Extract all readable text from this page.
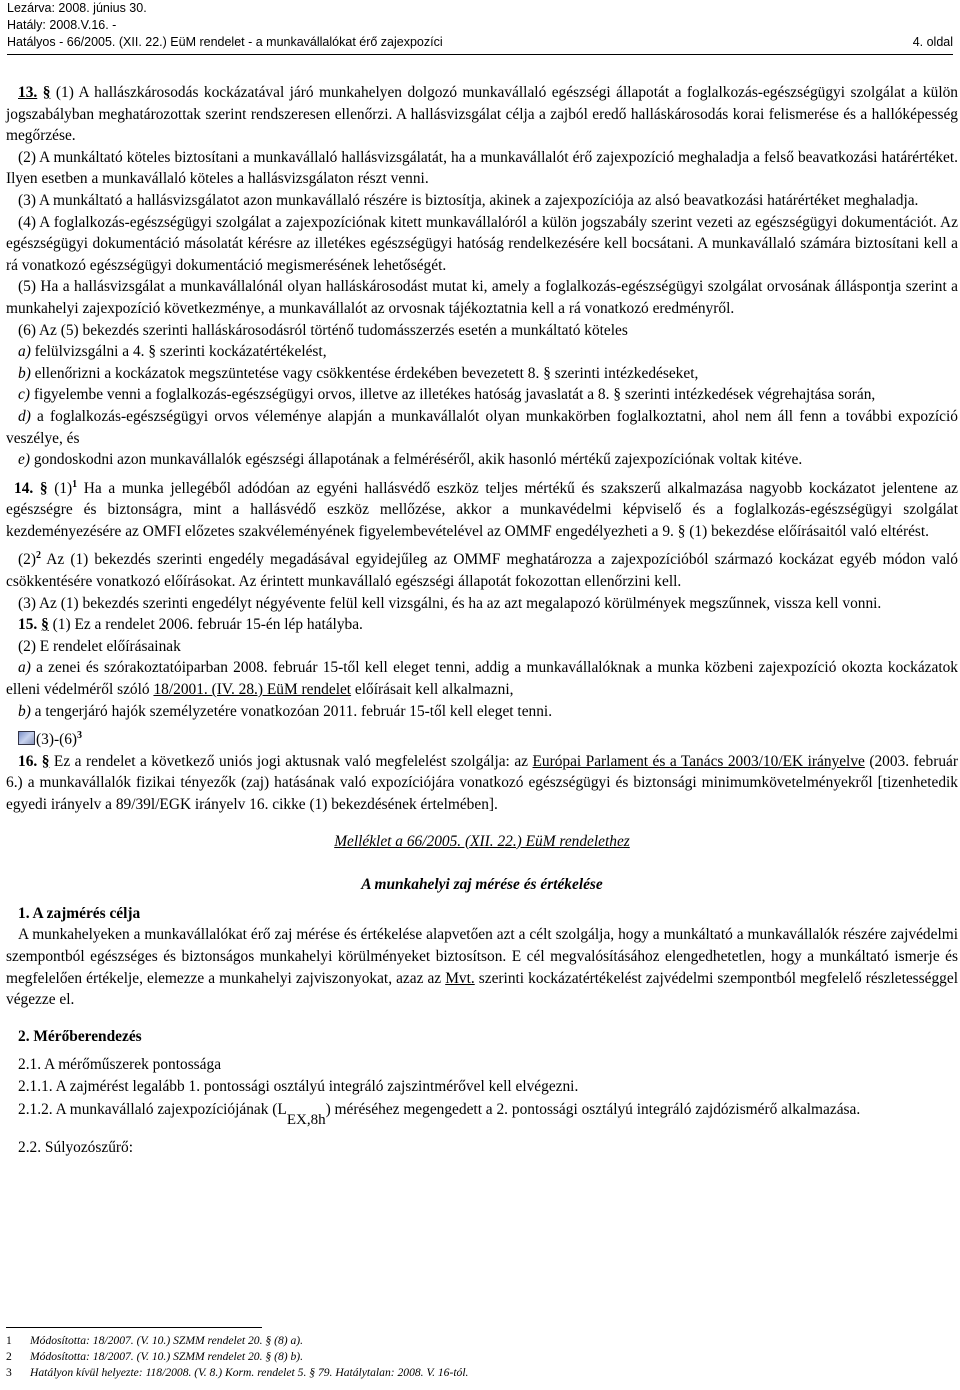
Lezárva: 2008. június 30.
Hatály: 2008.V.16. -
Hatályos - 66/2005. (XII. 22.) EüM rendelet - a munkavállalókat érő zajexpozíci	4. oldal

13. § (1) A hallászkárosodás kockázatával járó munkahelyen dolgozó munkavállaló egészségi állapotát a foglalkozás-egészségügyi szolgálat a külön jogszabályban meghatározottak szerint rendszeresen ellenőrzi. A hallásvizsgálat célja a zajból eredő halláskárosodás korai felismerése és a hallóképesség megőrzése.

(2) A munkáltató köteles biztosítani a munkavállaló hallásvizsgálatát, ha a munkavállalót érő zajexpozíció meghaladja a felső beavatkozási határértéket. Ilyen esetben a munkavállaló köteles a hallásvizsgálaton részt venni.

(3) A munkáltató a hallásvizsgálatot azon munkavállaló részére is biztosítja, akinek a zajexpozíciója az alsó beavatkozási határértéket meghaladja.

(4) A foglalkozás-egészségügyi szolgálat a zajexpozíciónak kitett munkavállalóról a külön jogszabály szerint vezeti az egészségügyi dokumentációt. Az egészségügyi dokumentáció másolatát kérésre az illetékes egészségügyi hatóság rendelkezésére kell bocsátani. A munkavállaló számára biztosítani kell a rá vonatkozó egészségügyi dokumentáció megismerésének lehetőségét.

(5) Ha a hallásvizsgálat a munkavállalónál olyan halláskárosodást mutat ki, amely a foglalkozás-egészségügyi szolgálat orvosának álláspontja szerint a munkahelyi zajexpozíció következménye, a munkavállalót az orvosnak tájékoztatnia kell a rá vonatkozó eredményről.

(6) Az (5) bekezdés szerinti halláskárosodásról történő tudomásszerzés esetén a munkáltató köteles

a) felülvizsgálni a 4. § szerinti kockázatértékelést,

b) ellenőrizni a kockázatok megszüntetése vagy csökkentése érdekében bevezetett 8. § szerinti intézkedéseket,

c) figyelembe venni a foglalkozás-egészségügyi orvos, illetve az illetékes hatóság javaslatát a 8. § szerinti intézkedések végrehajtása során,

d) a foglalkozás-egészségügyi orvos véleménye alapján a munkavállalót olyan munkakörben foglalkoztatni, ahol nem áll fenn a további expozíció veszélye, és

e) gondoskodni azon munkavállalók egészségi állapotának a felméréséről, akik hasonló mértékű zajexpozíciónak voltak kitéve.

14. § $(1)^1$ Ha a munka jellegéből adódóan az egyéni hallásvédő eszköz teljes mértékű és szakszerű alkalmazása nagyobb kockázatot jelentene az egészségre és biztonságra, mint a hallásvédő eszköz mellőzése, akkor a munkavédelmi képviselő és a foglalkozás-egészségügyi szolgálat kezdeményezésére az OMFI előzetes szakvéleményének figyelembevételével az OMMF engedélyezheti a 9. § (1) bekezdése előírásaitól való eltérést.

$(2)^2$ Az (1) bekezdés szerinti engedély megadásával egyidejűleg az OMMF meghatározza a zajexpozícióból származó kockázat egyéb módon való csökkentésére vonatkozó előírásokat. Az érintett munkavállaló egészségi állapotát fokozottan ellenőrzini kell.

(3) Az (1) bekezdés szerinti engedélyt négyévente felül kell vizsgálni, és ha az azt megalapozó körülmények megszűnnek, vissza kell vonni.

15. § (1) Ez a rendelet 2006. február 15-én lép hatályba.

(2) E rendelet előírásainak

a) a zenei és szórakoztatóiparban 2008. február 15-től kell eleget tenni, addig a munkavállalóknak a munka közbeni zajexpozíció okozta kockázatok elleni védelméről szóló 18/2001. (IV. 28.) EüM rendelet előírásait kell alkalmazni,

b) a tengerjáró hajók személyzetére vonatkozóan 2011. február 15-től kell eleget tenni.

$(3)-(6)^3$

16. § Ez a rendelet a következő uniós jogi aktusnak való megfelelést szolgálja: az Európai Parlament és a Tanács 2003/10/EK irányelve (2003. február 6.) a munkavállalók fizikai tényezők (zaj) hatásának való expozíciójára vonatkozó egészségügyi és biztonsági minimumkövetelményekről [tizenhetedik egyedi irányelv a 89/39l/EGK irányelv 16. cikke (1) bekezdésének értelmében].

Melléklet a 66/2005. (XII. 22.) EüM rendelethez

A munkahelyi zaj mérése és értékelése

1. A zajmérés célja

A munkahelyeken a munkavállalókat érő zaj mérése és értékelése alapvetően azt a célt szolgálja, hogy a munkáltató a munkavállalók részére zajvédelmi szempontból egészséges és biztonságos munkahelyi körülményeket biztosítson. E cél megvalósításához elengedhetetlen, hogy a munkáltató ismerje és megfelelően értékelje, elemezze a munkahelyi zajviszonyokat, azaz az Mvt. szerinti kockázatértékelést zajvédelmi szempontból megfelelő részletességgel végezze el.

2. Mérőberendezés

2.1. A mérőműszerek pontossága

2.1.1. A zajmérést legalább 1. pontossági osztályú integráló zajszintmérővel kell elvégezni.

2.1.2. A munkavállaló zajexpozíciójának (LEX,8h) méréséhez megengedett a 2. pontossági osztályú integráló zajdózismérő alkalmazása.

2.2. Súlyozószűrő:

1 Módosította: 18/2007. (V. 10.) SZMM rendelet 20. § (8) a).
2 Módosította: 18/2007. (V. 10.) SZMM rendelet 20. § (8) b).
3 Hatályon kívül helyezte: 118/2008. (V. 8.) Korm. rendelet 5. § 79. Hatálytalan: 2008. V. 16-tól.
